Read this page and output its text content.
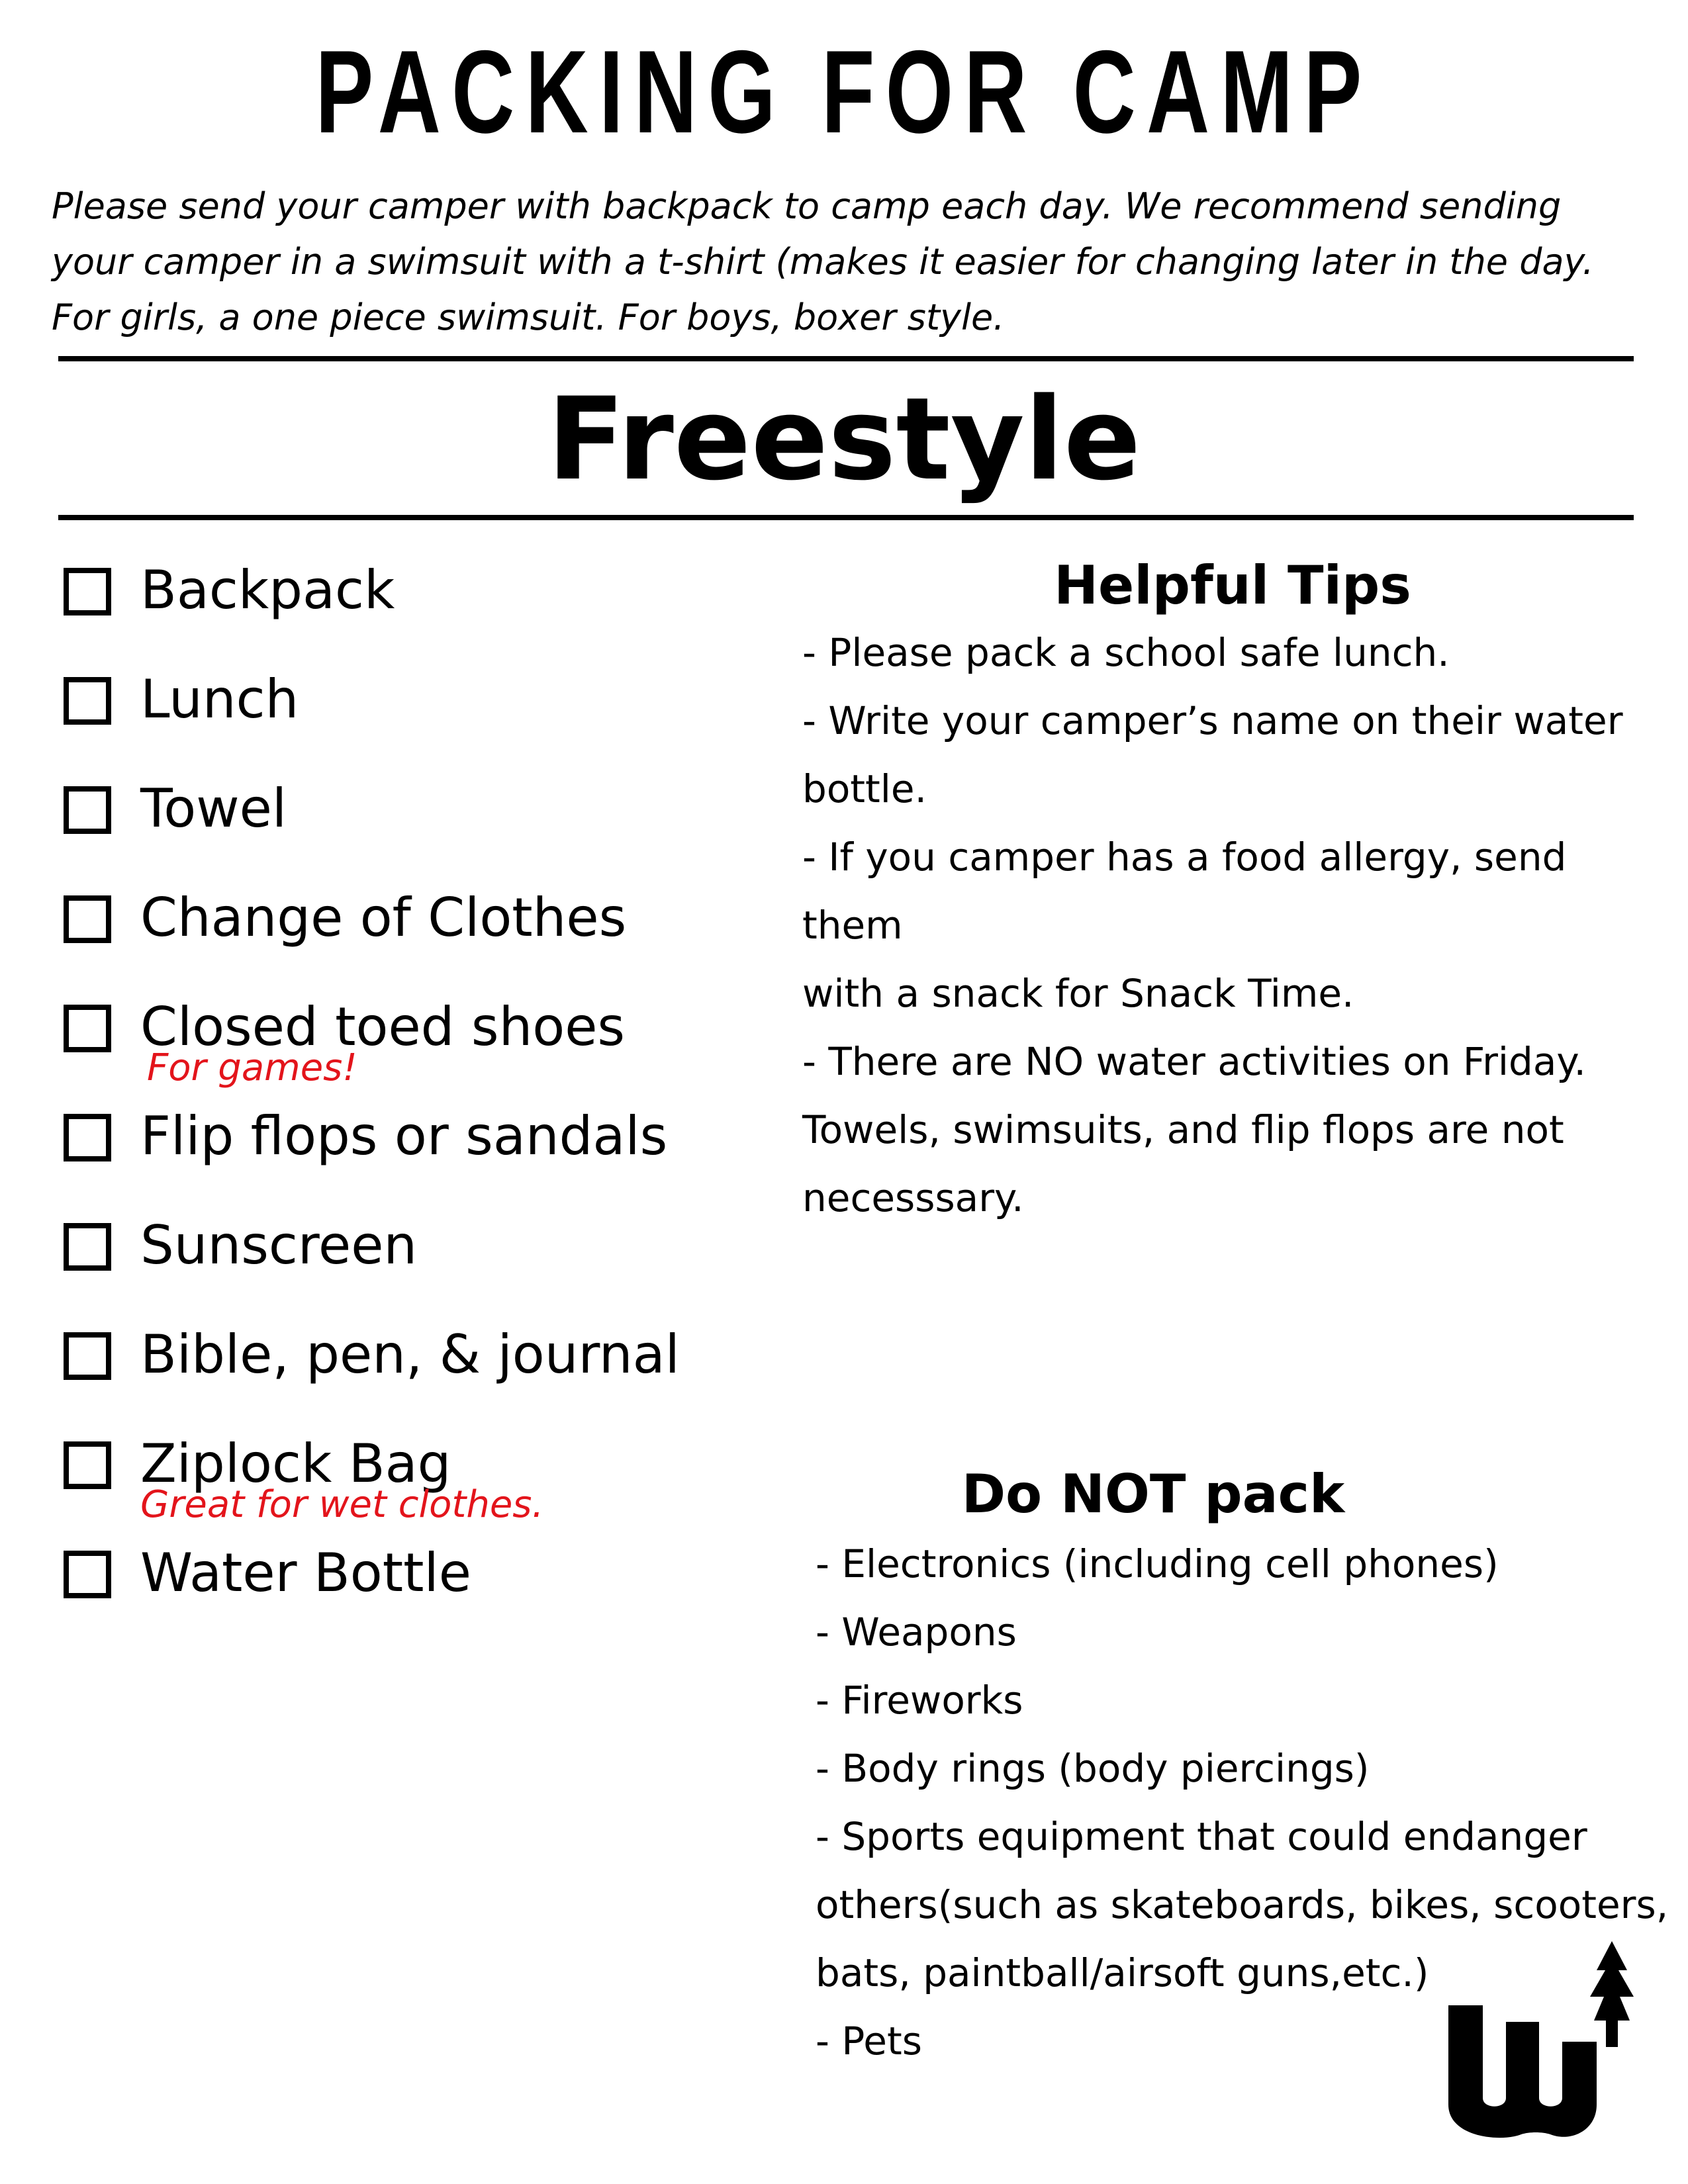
PACKING FOR CAMP

Please send your camper with backpack to camp each day. We recommend sending
your camper in a swimsuit with a t-shirt (makes it easier for changing later in the day.
For girls, a one piece swimsuit. For boys, boxer style.

Freestyle
Backpack
Lunch
Towel
Change of Clothes
Closed toed shoes
For games!
Flip flops or sandals
Sunscreen
Bible, pen, & journal
Ziplock Bag
Great for wet clothes.
Water Bottle
Helpful Tips
- Please pack a school safe lunch.
- Write your camper’s name on their water
bottle.
- If you camper has a food allergy, send them
with a snack for Snack Time.
- There are NO water activities on Friday.
Towels, swimsuits, and flip flops are not
necesssary.
Do NOT pack
- Electronics (including cell phones)
- Weapons
- Fireworks
- Body rings (body piercings)
- Sports equipment that could endanger
others(such as skateboards, bikes, scooters,
bats, paintball/airsoft guns,etc.)
- Pets
